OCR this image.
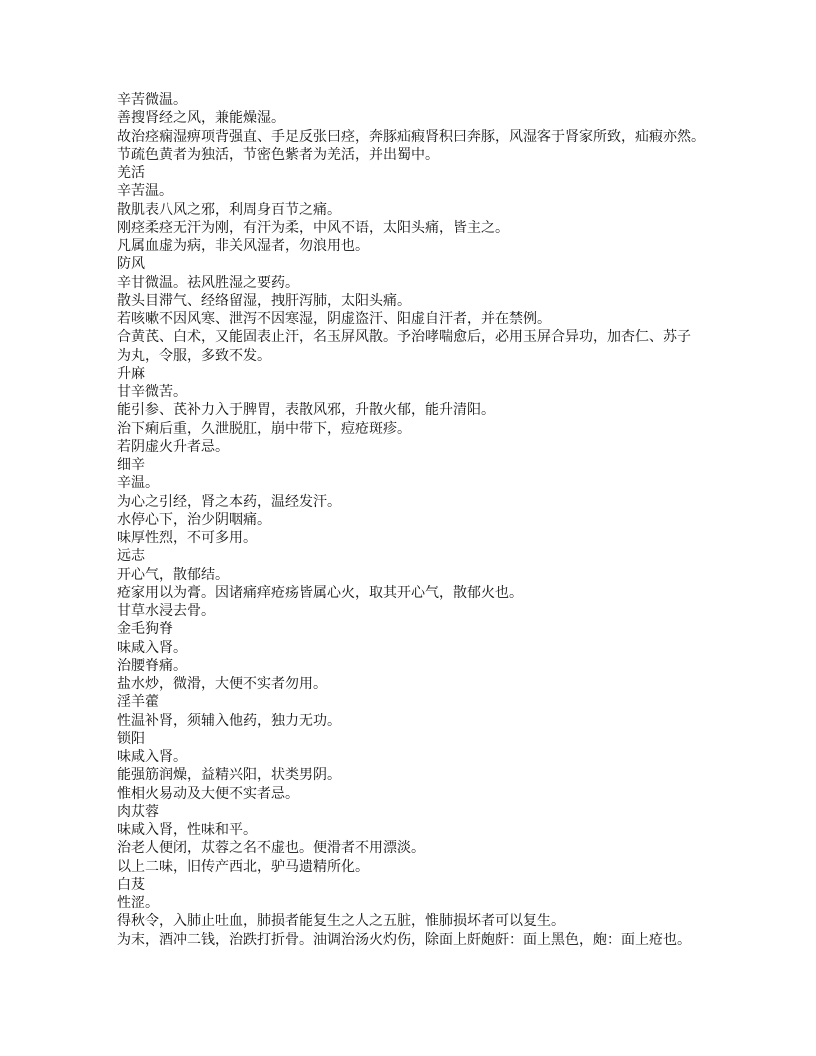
辛苦微温。
善搜肾经之风，兼能燥湿。
故治痉痫湿痹项背强直、手足反张曰痉，奔豚疝瘕肾积曰奔豚，风湿客于肾家所致，疝瘕亦然。
节疏色黄者为独活，节密色紫者为羌活，并出蜀中。
羌活
辛苦温。
散肌表八风之邪，利周身百节之痛。
刚痉柔痉无汗为刚，有汗为柔，中风不语，太阳头痛，皆主之。
凡属血虚为病，非关风湿者，勿浪用也。
防风
辛甘微温。祛风胜湿之要药。
散头目滞气、经络留湿，拽肝泻肺，太阳头痛。
若咳嗽不因风寒、泄泻不因寒湿，阴虚盗汗、阳虚自汗者，并在禁例。
合黄芪、白术，又能固表止汗，名玉屏风散。予治哮喘愈后，必用玉屏合异功，加杏仁、苏子
为丸，令服，多致不发。
升麻
甘辛微苦。
能引参、芪补力入于脾胃，表散风邪，升散火郁，能升清阳。
治下痢后重，久泄脱肛，崩中带下，痘疮斑疹。
若阴虚火升者忌。
细辛
辛温。
为心之引经，肾之本药，温经发汗。
水停心下，治少阴咽痛。
味厚性烈，不可多用。
远志
开心气，散郁结。
疮家用以为膏。因诸痛痒疮疡皆属心火，取其开心气，散郁火也。
甘草水浸去骨。
金毛狗脊
味咸入肾。
治腰脊痛。
盐水炒，微滑，大便不实者勿用。
淫羊藿
性温补肾，须辅入他药，独力无功。
锁阳
味咸入肾。
能强筋润燥，益精兴阳，状类男阴。
惟相火易动及大便不实者忌。
肉苁蓉
味咸入肾，性味和平。
治老人便闭，苁蓉之名不虚也。便滑者不用漂淡。
以上二味，旧传产西北，驴马遗精所化。
白芨
性涩。
得秋令，入肺止吐血，肺损者能复生之人之五脏，惟肺损坏者可以复生。
为末，酒冲二钱，治跌打折骨。油调治汤火灼伤，除面上皯皰皯：面上黑色，皰：面上疮也。
